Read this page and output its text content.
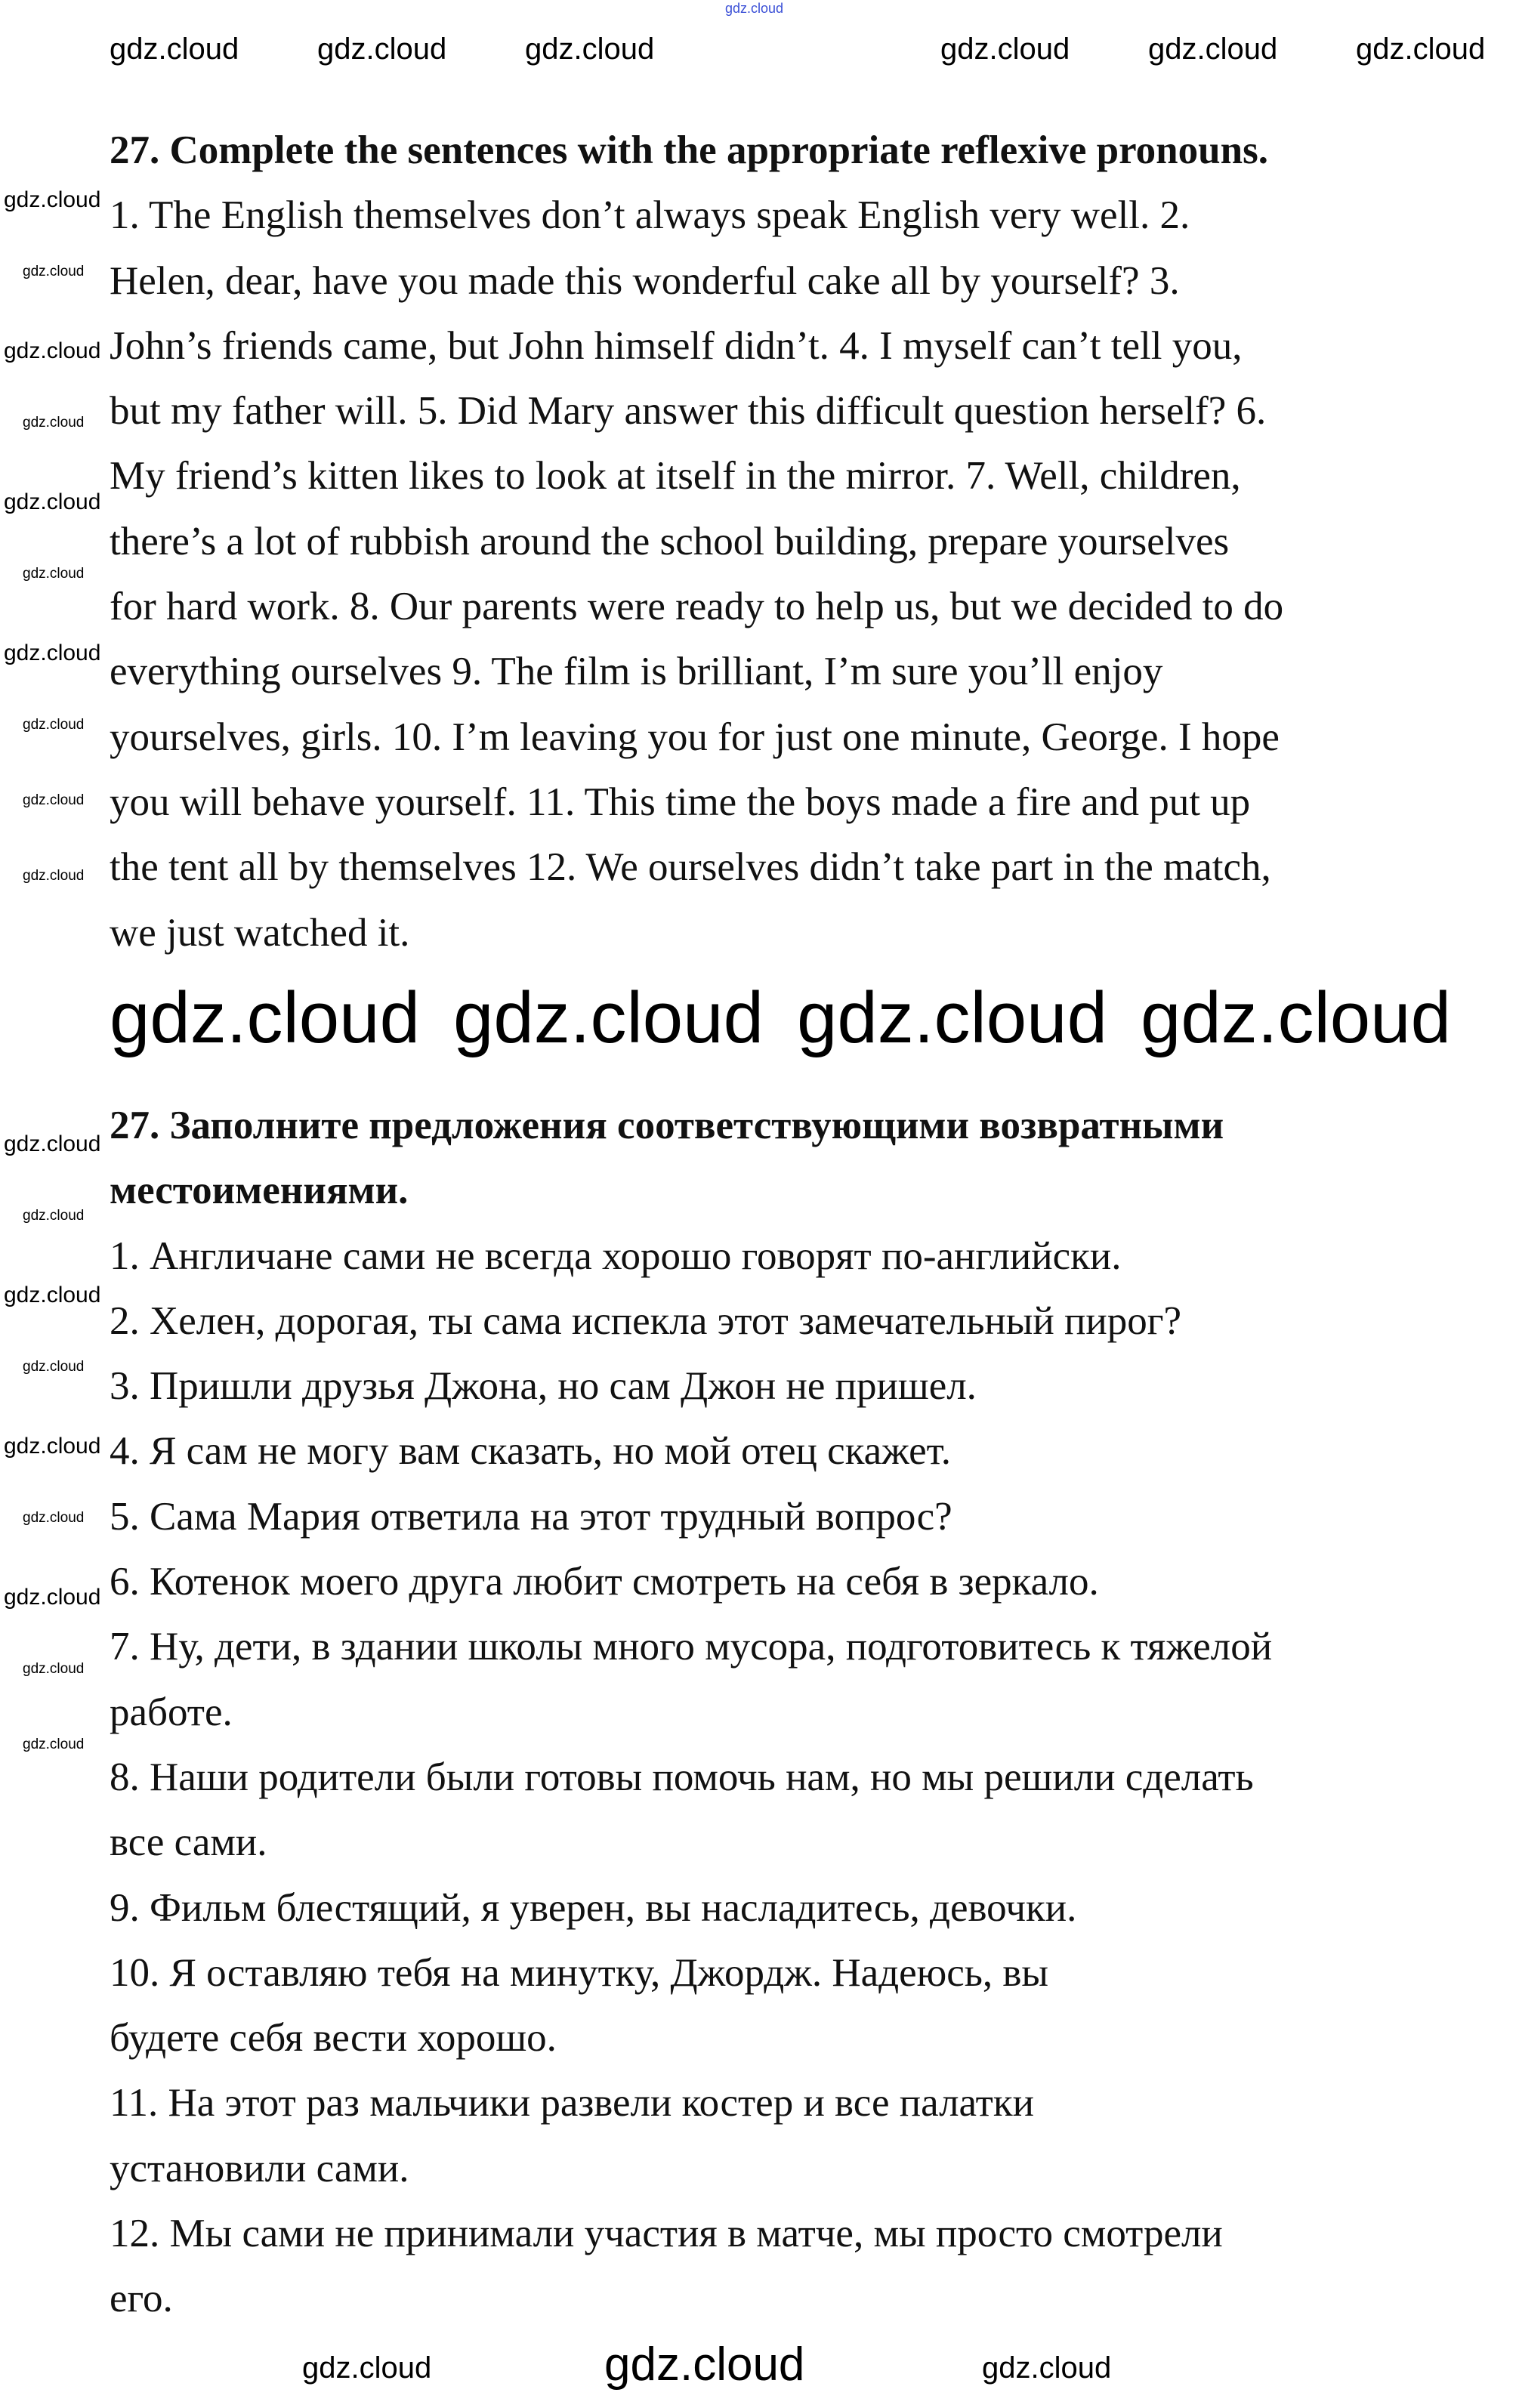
27. Complete the sentences with the appropriate reflexive pronouns.
1. The English themselves don’t always speak English very well. 2.
Helen, dear, have you made this wonderful cake all by yourself? 3.
John’s friends came, but John himself didn’t. 4. I myself can’t tell you,
but my father will. 5. Did Mary answer this difficult question herself? 6.
My friend’s kitten likes to look at itself in the mirror. 7. Well, children,
there’s a lot of rubbish around the school building, prepare yourselves
for hard work. 8. Our parents were ready to help us, but we decided to do
everything ourselves 9. The film is brilliant, I’m sure you’ll enjoy
yourselves, girls. 10. I’m leaving you for just one minute, George. I hope
you will behave yourself. 11. This time the boys made a fire and put up
the tent all by themselves 12. We ourselves didn’t take part in the match,
we just watched it.
27. Заполните предложения соответствующими возвратными
местоимениями.
1. Англичане сами не всегда хорошо говорят по-английски.
2. Хелен, дорогая, ты сама испекла этот замечательный пирог?
3. Пришли друзья Джона, но сам Джон не пришел.
4. Я сам не могу вам сказать, но мой отец скажет.
5. Сама Мария ответила на этот трудный вопрос?
6. Котенок моего друга любит смотреть на себя в зеркало.
7. Ну, дети, в здании школы много мусора, подготовитесь к тяжелой
работе.
8. Наши родители были готовы помочь нам, но мы решили сделать
все сами.
9. Фильм блестящий, я уверен, вы насладитесь, девочки.
10. Я оставляю тебя на минутку, Джордж. Надеюсь, вы
будете себя вести хорошо.
11. На этот раз мальчики развели костер и все палатки
установили сами.
12. Мы сами не принимали участия в матче, мы просто смотрели
его.
gdz.cloud
gdz.cloud	gdz.cloud	gdz.cloud	gdz.cloud	gdz.cloud	gdz.cloud
gdz.cloud
gdz.cloud
gdz.cloud
gdz.cloud
gdz.cloud
gdz.cloud
gdz.cloud
gdz.cloud
gdz.cloud
gdz.cloud
gdz.cloud
gdz.cloud
gdz.cloud
gdz.cloud
gdz.cloud
gdz.cloud
gdz.cloud
gdz.cloud
gdz.cloud
gdz.cloud gdz.cloud gdz.cloud gdz.cloud
gdz.cloud	gdz.cloud	gdz.cloud
